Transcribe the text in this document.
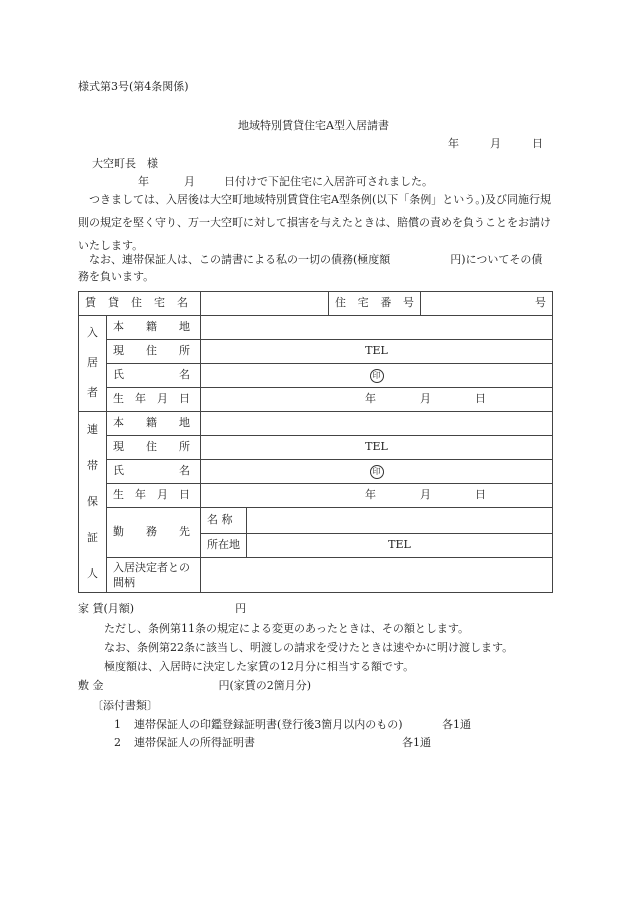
様式第3号(第4条関係)
地域特別賃貸住宅A型入居請書
年	月	日
大空町長　様
年	月	日付けで下記住宅に入居許可されました。
つきましては、入居後は大空町地域特別賃貸住宅A型条例(以下「条例」という。)及び同施行規則の規定を堅く守り、万一大空町に対して損害を与えたときは、賠償の責めを負うことをお請けいたします。
なお、連帯保証人は、この請書による私の一切の債務(極度額	円)についてその債務を負います。
賃 貸 住 宅 名				住 宅 番 号	号

入
居
者	本 籍 地				

	現 住 所	TEL			

	氏 名	印			

	生 年 月 日	年 月 日			

連
帯
保
証
人	本 籍 地				

	現 住 所	TEL			

	氏 名	印			

	生 年 月 日	年 月 日			

	勤 務 先	名 称			
		所在地	TEL		
	入居決定者との間柄				
家 賃(月額)	円
ただし、条例第11条の規定による変更のあったときは、その額とします。
なお、条例第22条に該当し、明渡しの請求を受けたときは速やかに明け渡します。
極度額は、入居時に決定した家賃の12月分に相当する額です。
敷 金	円(家賃の2箇月分)
〔添付書類〕
1 連帯保証人の印鑑登録証明書(登行後3箇月以内のもの)	各1通
2 連帯保証人の所得証明書	各1通
